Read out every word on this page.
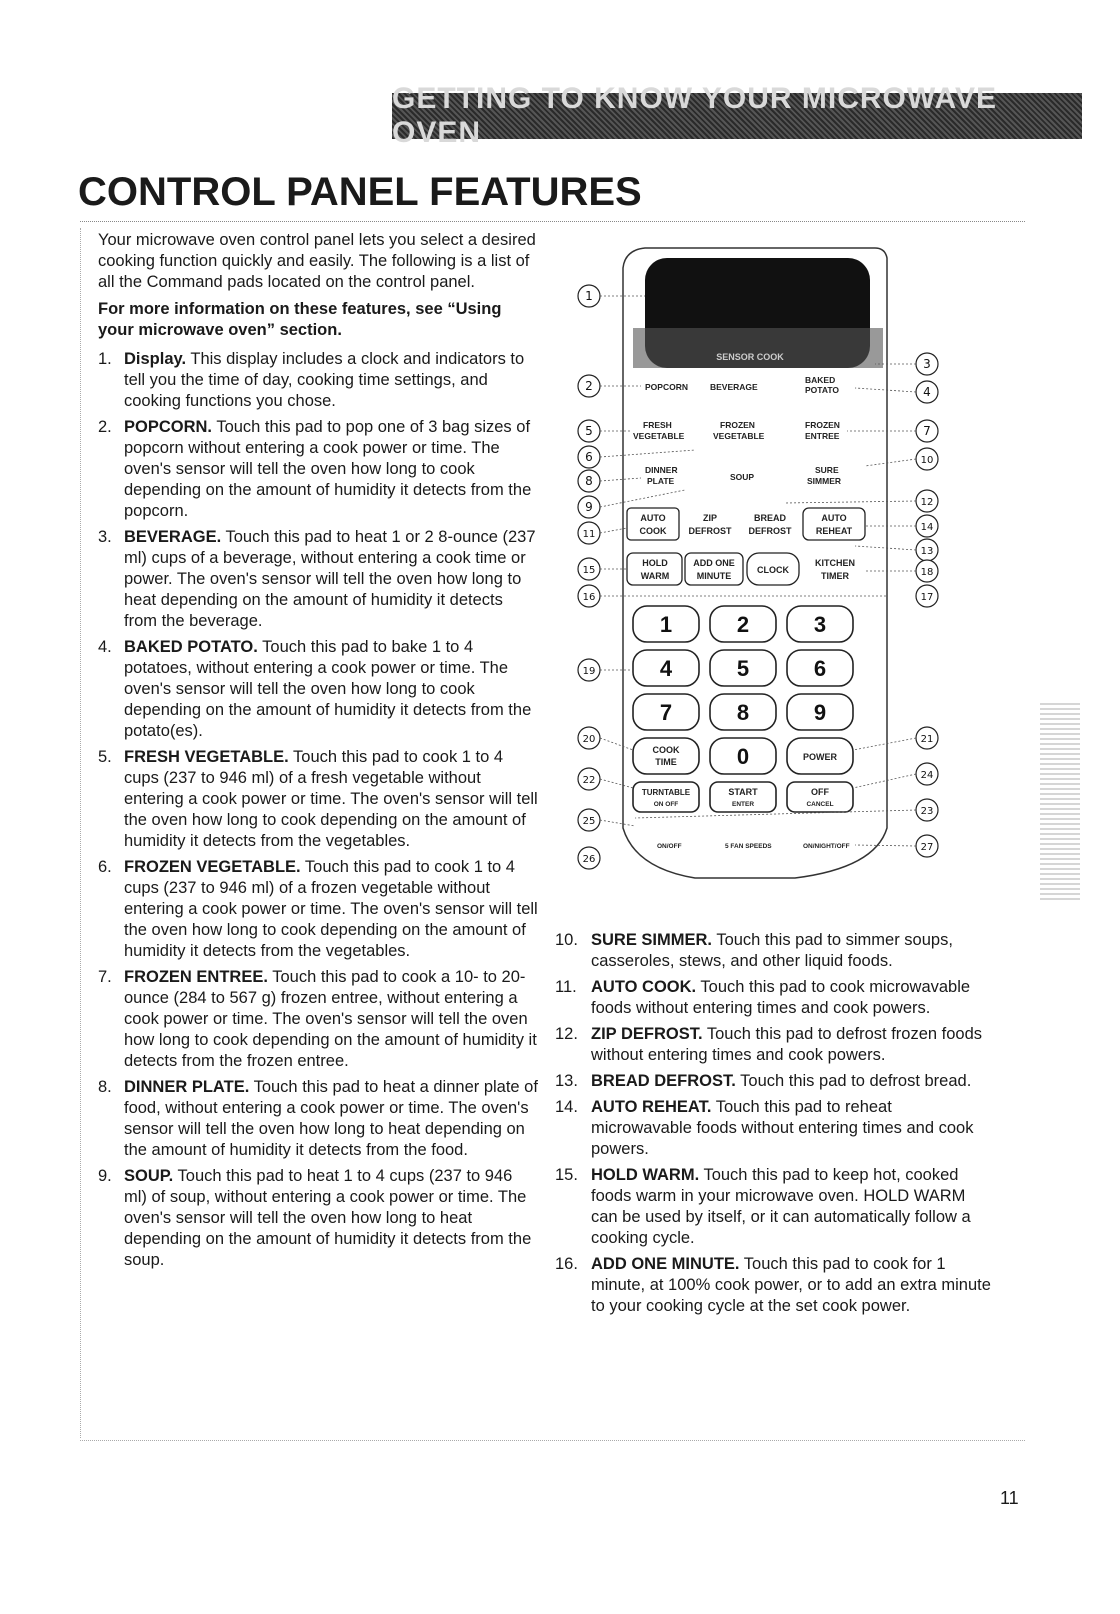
GETTING TO KNOW YOUR MICROWAVE OVEN
CONTROL PANEL FEATURES

Your microwave oven control panel lets you select a desired cooking function quickly and easily. The following is a list of all the Command pads located on the control panel.

For more information on these features, see “Using your microwave oven” section.

1. Display. This display includes a clock and indicators to tell you the time of day, cooking time settings, and cooking functions you chose.
2. POPCORN. Touch this pad to pop one of 3 bag sizes of popcorn without entering a cook power or time. The oven's sensor will tell the oven how long to cook depending on the amount of humidity it detects from the popcorn.
3. BEVERAGE. Touch this pad to heat 1 or 2 8-ounce (237 ml) cups of a beverage, without entering a cook time or power. The oven's sensor will tell the oven how long to heat depending on the amount of humidity it detects from the beverage.
4. BAKED POTATO. Touch this pad to bake 1 to 4 potatoes, without entering a cook power or time. The oven's sensor will tell the oven how long to cook depending on the amount of humidity it detects from the potato(es).
5. FRESH VEGETABLE. Touch this pad to cook 1 to 4 cups (237 to 946 ml) of a fresh vegetable without entering a cook power or time. The oven's sensor will tell the oven how long to cook depending on the amount of humidity it detects from the vegetables.
6. FROZEN VEGETABLE. Touch this pad to cook 1 to 4 cups (237 to 946 ml) of a frozen vegetable without entering a cook power or time. The oven's sensor will tell the oven how long to cook depending on the amount of humidity it detects from the vegetables.
7. FROZEN ENTREE. Touch this pad to cook a 10- to 20-ounce (284 to 567 g) frozen entree, without entering a cook power or time. The oven's sensor will tell the oven how long to cook depending on the amount of humidity it detects from the frozen entree.
8. DINNER PLATE. Touch this pad to heat a dinner plate of food, without entering a cook power or time. The oven's sensor will tell the oven how long to heat depending on the amount of humidity it detects from the food.
9. SOUP. Touch this pad to heat 1 to 4 cups (237 to 946 ml) of soup, without entering a cook power or time. The oven's sensor will tell the oven how long to heat depending on the amount of humidity it detects from the soup.
SENSOR COOK
POPCORN	BEVERAGE
BAKED
POTATO
FRESH
VEGETABLE
FROZEN
VEGETABLE
FROZEN
ENTREE
DINNER
PLATE	SOUP
SURE
SIMMER
AUTO
COOK
ZIP
DEFROST
BREAD
DEFROST
AUTO
REHEAT
HOLD
WARM
ADD ONE
MINUTE
CLOCK
KITCHEN
TIMER
1	2	3
4	5	6
7	8	9
0
COOK
TIME	POWER
TURNTABLE
ON OFF
START
ENTER
OFF
CANCEL
ON/OFF	5 FAN SPEEDS	ON/NIGHT/OFF
1
2
3
4
5
6
7
8
9
10
11
12
13
14
15
16	17
18
19
20	21
22
23
24
25
26
27
10. SURE SIMMER. Touch this pad to simmer soups, casseroles, stews, and other liquid foods.
11. AUTO COOK. Touch this pad to cook microwavable foods without entering times and cook powers.
12. ZIP DEFROST. Touch this pad to defrost frozen foods without entering times and cook powers.
13. BREAD DEFROST. Touch this pad to defrost bread.
14. AUTO REHEAT. Touch this pad to reheat microwavable foods without entering times and cook powers.
15. HOLD WARM. Touch this pad to keep hot, cooked foods warm in your microwave oven. HOLD WARM can be used by itself, or it can automatically follow a cooking cycle.
16. ADD ONE MINUTE. Touch this pad to cook for 1 minute, at 100% cook power, or to add an extra minute to your cooking cycle at the set cook power.
11
